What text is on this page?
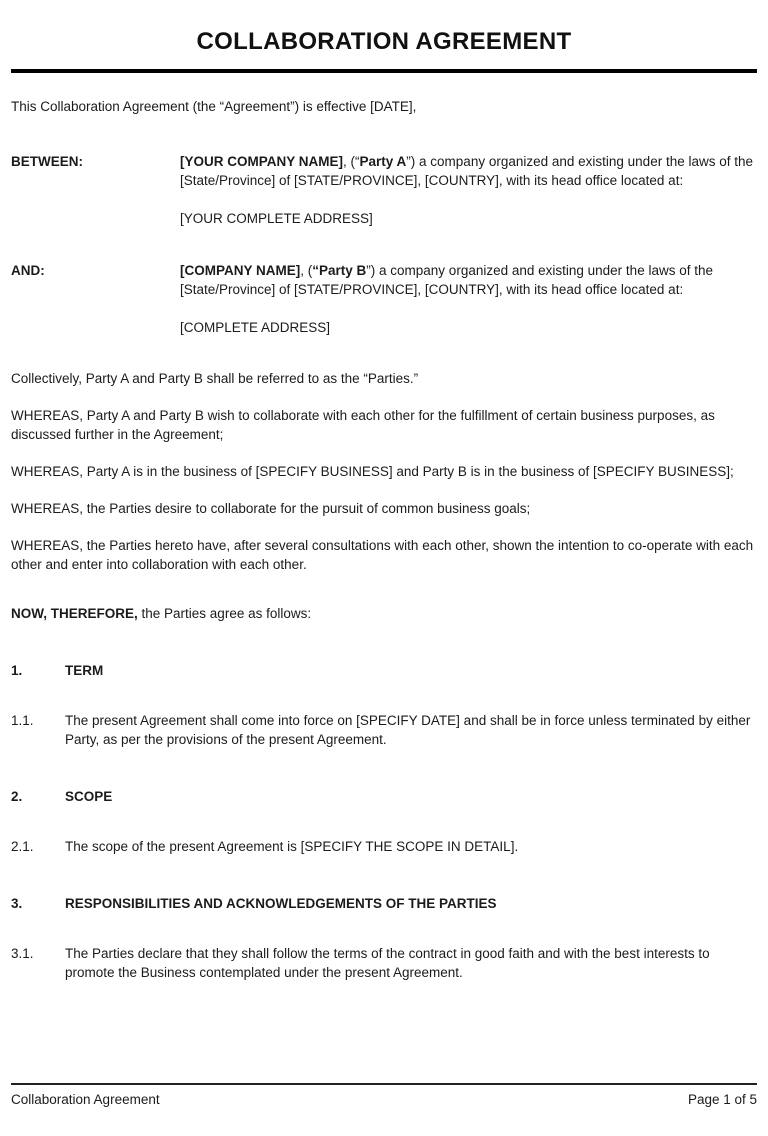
COLLABORATION AGREEMENT

This Collaboration Agreement (the “Agreement”) is effective [DATE],

BETWEEN:	[YOUR COMPANY NAME], (“Party A”) a company organized and existing under the laws of the [State/Province] of [STATE/PROVINCE], [COUNTRY], with its head office located at:

[YOUR COMPLETE ADDRESS]

AND:	[COMPANY NAME], (“Party B”) a company organized and existing under the laws of the [State/Province] of [STATE/PROVINCE], [COUNTRY], with its head office located at:

[COMPLETE ADDRESS]

Collectively, Party A and Party B shall be referred to as the “Parties.”

WHEREAS, Party A and Party B wish to collaborate with each other for the fulfillment of certain business purposes, as discussed further in the Agreement;

WHEREAS, Party A is in the business of [SPECIFY BUSINESS] and Party B is in the business of [SPECIFY BUSINESS];

WHEREAS, the Parties desire to collaborate for the pursuit of common business goals;

WHEREAS, the Parties hereto have, after several consultations with each other, shown the intention to co-operate with each other and enter into collaboration with each other.

NOW, THEREFORE, the Parties agree as follows:

1.	TERM
1.1.	The present Agreement shall come into force on [SPECIFY DATE] and shall be in force unless terminated by either Party, as per the provisions of the present Agreement.
2.	SCOPE
2.1.	The scope of the present Agreement is [SPECIFY THE SCOPE IN DETAIL].
3.	RESPONSIBILITIES AND ACKNOWLEDGEMENTS OF THE PARTIES
3.1.	The Parties declare that they shall follow the terms of the contract in good faith and with the best interests to promote the Business contemplated under the present Agreement.
Collaboration Agreement	Page 1 of 5
